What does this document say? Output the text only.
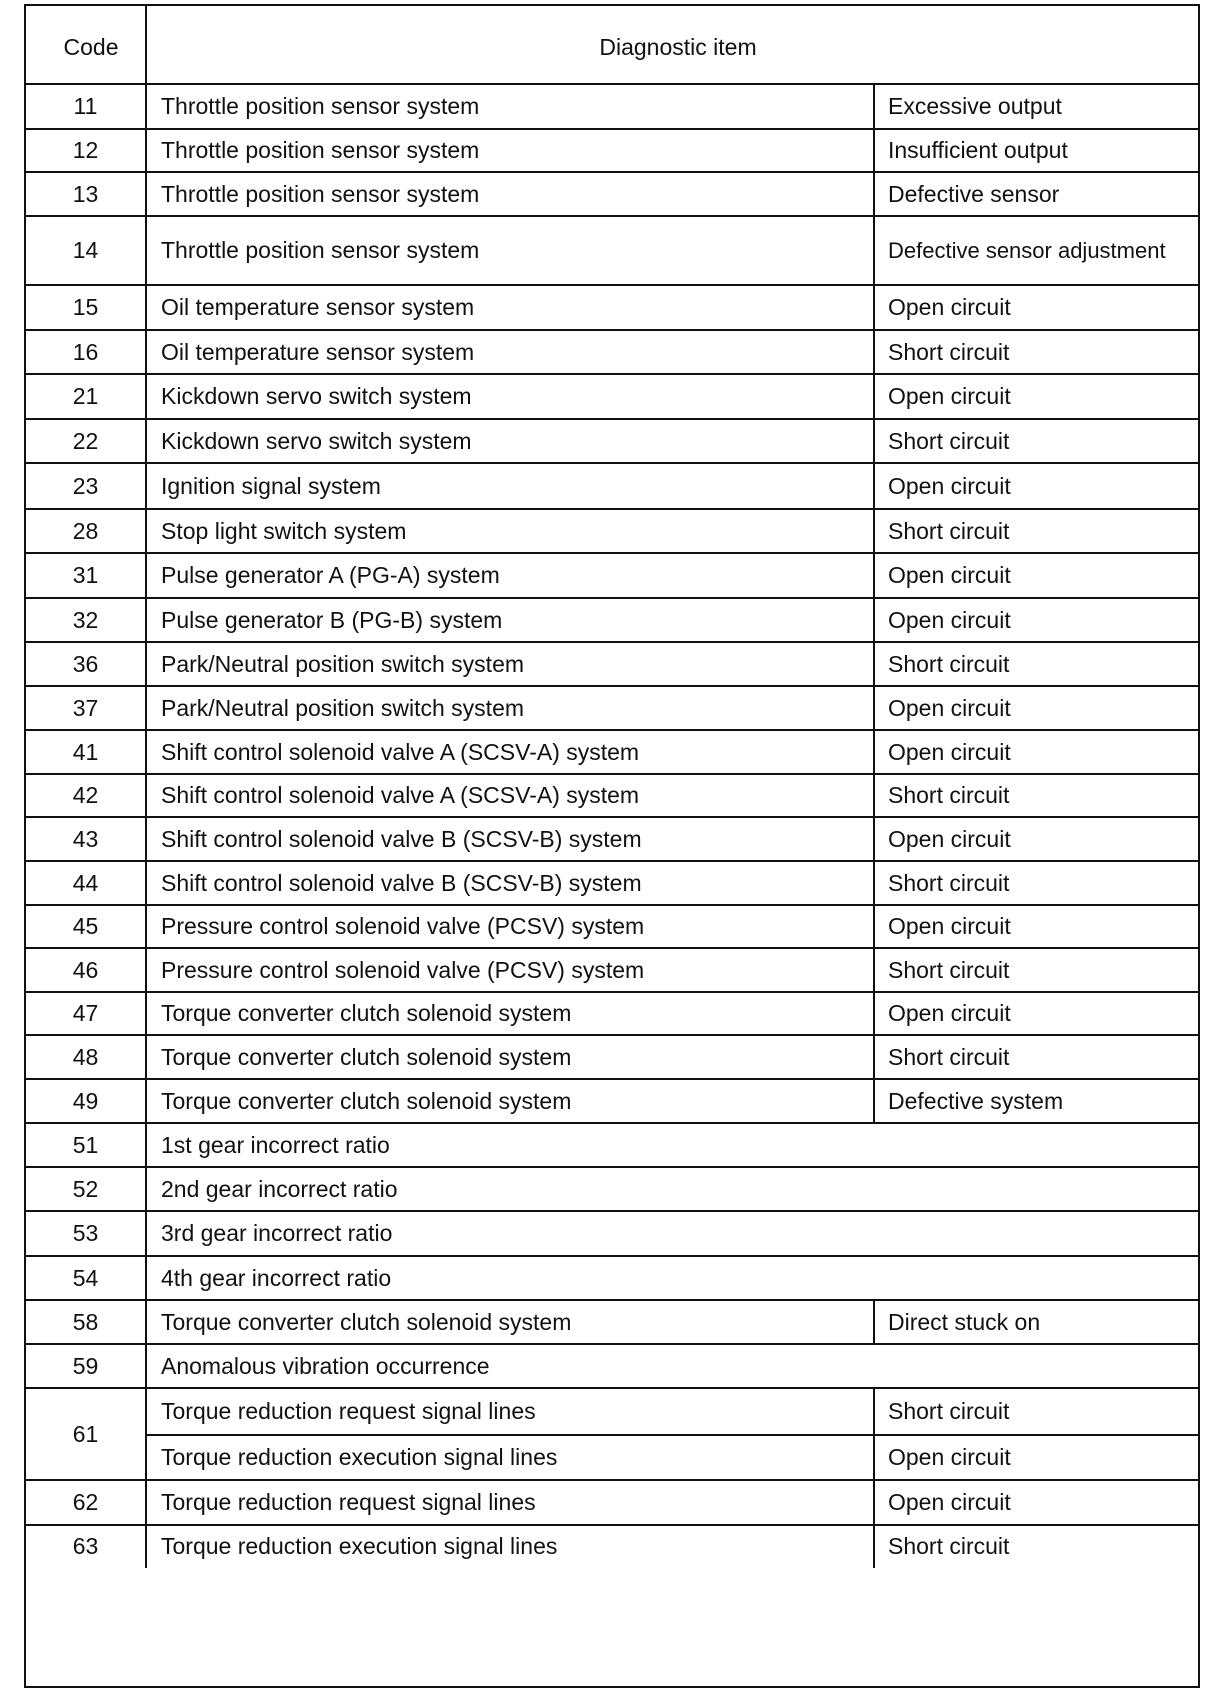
Code	Diagnostic item
11	Throttle position sensor system	Excessive output
12	Throttle position sensor system	Insufficient output
13	Throttle position sensor system	Defective sensor
14	Throttle position sensor system	Defective sensor adjustment
15	Oil temperature sensor system	Open circuit
16	Oil temperature sensor system	Short circuit
21	Kickdown servo switch system	Open circuit
22	Kickdown servo switch system	Short circuit
23	Ignition signal system	Open circuit
28	Stop light switch system	Short circuit
31	Pulse generator A (PG-A) system	Open circuit
32	Pulse generator B (PG-B) system	Open circuit
36	Park/Neutral position switch system	Short circuit
37	Park/Neutral position switch system	Open circuit
41	Shift control solenoid valve A (SCSV-A) system	Open circuit
42	Shift control solenoid valve A (SCSV-A) system	Short circuit
43	Shift control solenoid valve B (SCSV-B) system	Open circuit
44	Shift control solenoid valve B (SCSV-B) system	Short circuit
45	Pressure control solenoid valve (PCSV) system	Open circuit
46	Pressure control solenoid valve (PCSV) system	Short circuit
47	Torque converter clutch solenoid system	Open circuit
48	Torque converter clutch solenoid system	Short circuit
49	Torque converter clutch solenoid system	Defective system
51	1st gear incorrect ratio
52	2nd gear incorrect ratio
53	3rd gear incorrect ratio
54	4th gear incorrect ratio
58	Torque converter clutch solenoid system	Direct stuck on
59	Anomalous vibration occurrence
61
Torque reduction request signal lines	Short circuit
Torque reduction execution signal lines	Open circuit
62	Torque reduction request signal lines	Open circuit
63	Torque reduction execution signal lines	Short circuit
